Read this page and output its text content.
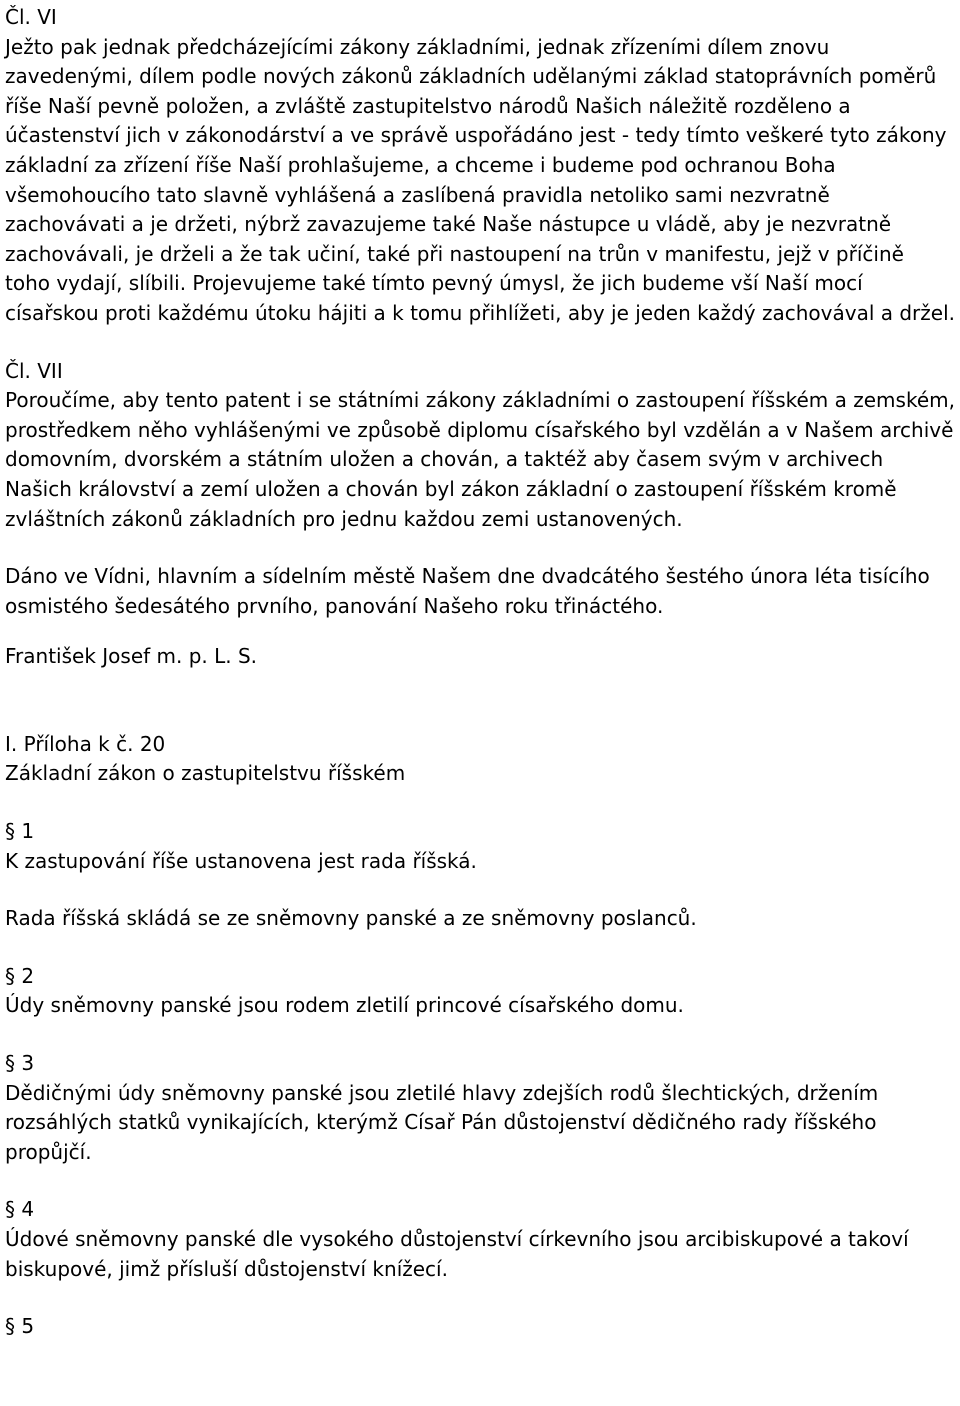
Čl. VI

Ježto pak jednak předcházejícími zákony základními, jednak zřízeními dílem znovu zavedenými, dílem podle nových zákonů základních udělanými základ statoprávních poměrů říše Naší pevně položen, a zvláště zastupitelstvo národů Našich náležitě rozděleno a účastenství jich v zákonodárství a ve správě uspořádáno jest - tedy tímto veškeré tyto zákony základní za zřízení říše Naší prohlašujeme, a chceme i budeme pod ochranou Boha všemohoucího tato slavně vyhlášená a zaslíbená pravidla netoliko sami nezvratně zachovávati a je držeti, nýbrž zavazujeme také Naše nástupce u vládě, aby je nezvratně zachovávali, je drželi a že tak učiní, také při nastoupení na trůn v manifestu, jejž v příčině toho vydají, slíbili. Projevujeme také tímto pevný úmysl, že jich budeme vší Naší mocí císařskou proti každému útoku hájiti a k tomu přihlížeti, aby je jeden každý zachovával a držel.

Čl. VII

Poroučíme, aby tento patent i se státními zákony základními o zastoupení říšském a zemském, prostředkem něho vyhlášenými ve způsobě diplomu císařského byl vzdělán a v Našem archivě domovním, dvorském a státním uložen a chován, a taktéž aby časem svým v archivech Našich království a zemí uložen a chován byl zákon základní o zastoupení říšském kromě zvláštních zákonů základních pro jednu každou zemi ustanovených.

Dáno ve Vídni, hlavním a sídelním městě Našem dne dvadcátého šestého února léta tisícího osmistého šedesátého prvního, panování Našeho roku třináctého.

František Josef m. p. L. S.

I. Příloha k č. 20

Základní zákon o zastupitelstvu říšském

§ 1

K zastupování říše ustanovena jest rada říšská.

Rada říšská skládá se ze sněmovny panské a ze sněmovny poslanců.

§ 2

Údy sněmovny panské jsou rodem zletilí princové císařského domu.

§ 3

Dědičnými údy sněmovny panské jsou zletilé hlavy zdejších rodů šlechtických, držením rozsáhlých statků vynikajících, kterýmž Císař Pán důstojenství dědičného rady říšského propůjčí.

§ 4

Údové sněmovny panské dle vysokého důstojenství církevního jsou arcibiskupové a takoví biskupové, jimž přísluší důstojenství knížecí.

§ 5
